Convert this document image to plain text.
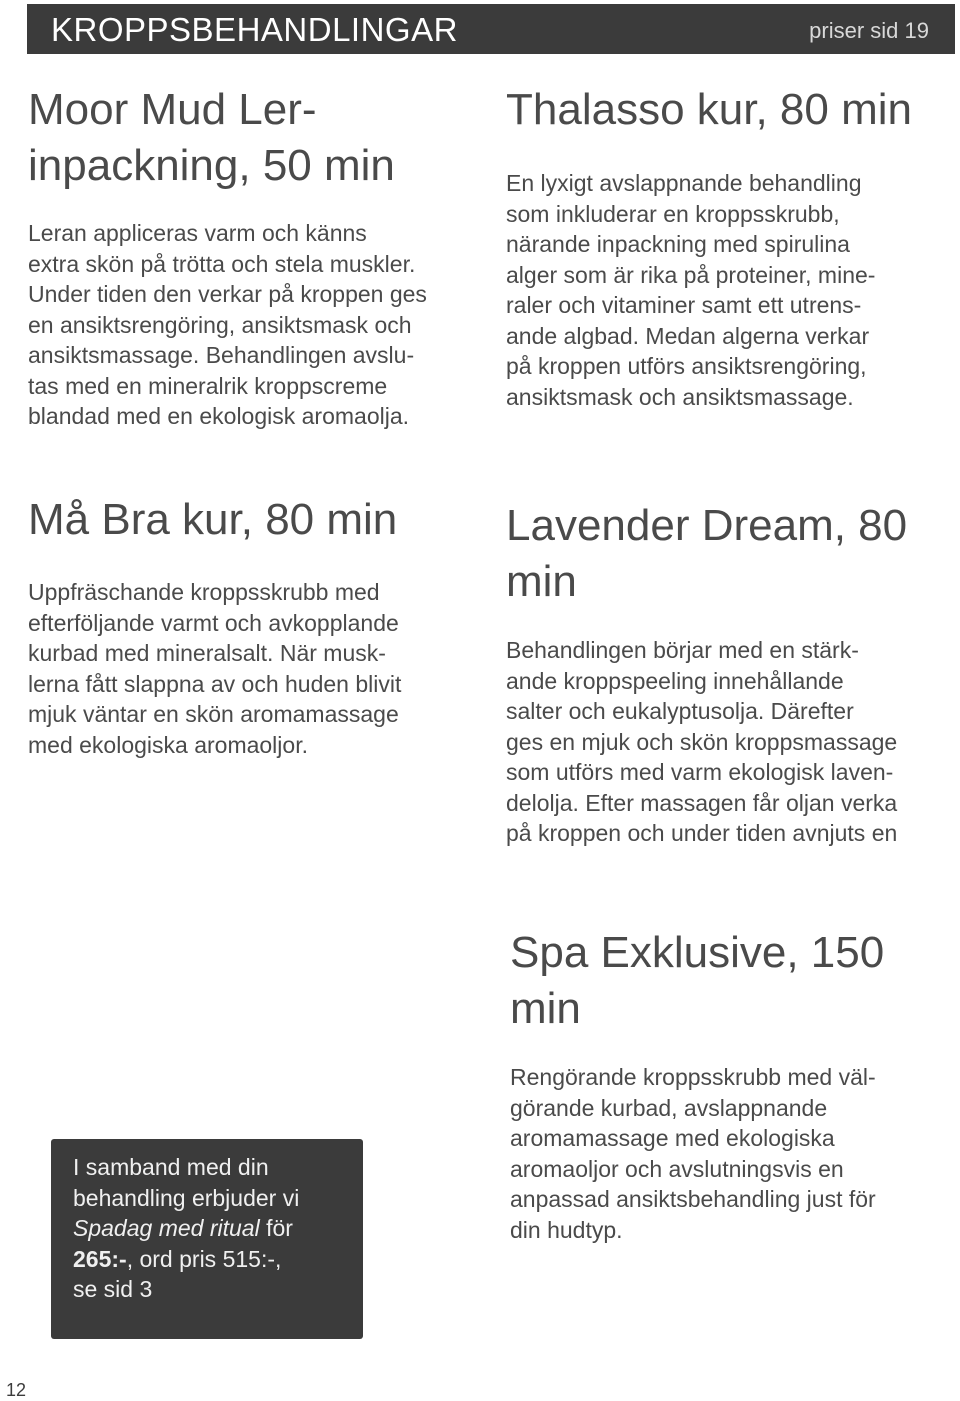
KROPPSBEHANDLINGAR	priser sid 19
Moor Mud Ler-
inpackning, 50 min

Leran appliceras varm och känns
extra skön på trötta och stela muskler.
Under tiden den verkar på kroppen ges
en ansiktsrengöring, ansiktsmask och
ansiktsmassage. Behandlingen avslu-
tas med en mineralrik kroppscreme
blandad med en ekologisk aromaolja.

Thalasso kur, 80 min

En lyxigt avslappnande behandling
som inkluderar en kroppsskrubb,
närande inpackning med spirulina
alger som är rika på proteiner, mine-
raler och vitaminer samt ett utrens-
ande algbad. Medan algerna verkar
på kroppen utförs ansiktsrengöring,
ansiktsmask och ansiktsmassage.

Må Bra kur, 80 min

Uppfräschande kroppsskrubb med
efterföljande varmt och avkopplande
kurbad med mineralsalt. När musk-
lerna fått slappna av och huden blivit
mjuk väntar en skön aromamassage
med ekologiska aromaoljor.

Lavender Dream, 80
min

Behandlingen börjar med en stärk-
ande kroppspeeling innehållande
salter och eukalyptusolja. Därefter
ges en mjuk och skön kroppsmassage
som utförs med varm ekologisk laven-
delolja. Efter massagen får oljan verka
på kroppen och under tiden avnjuts en

Spa Exklusive, 150
min

Rengörande kroppsskrubb med väl-
görande kurbad, avslappnande
aromamassage med ekologiska
aromaoljor och avslutningsvis en
anpassad ansiktsbehandling just för
din hudtyp.

I samband med din
behandling erbjuder vi
Spadag med ritual för
265:-, ord pris 515:-,
se sid 3
12
